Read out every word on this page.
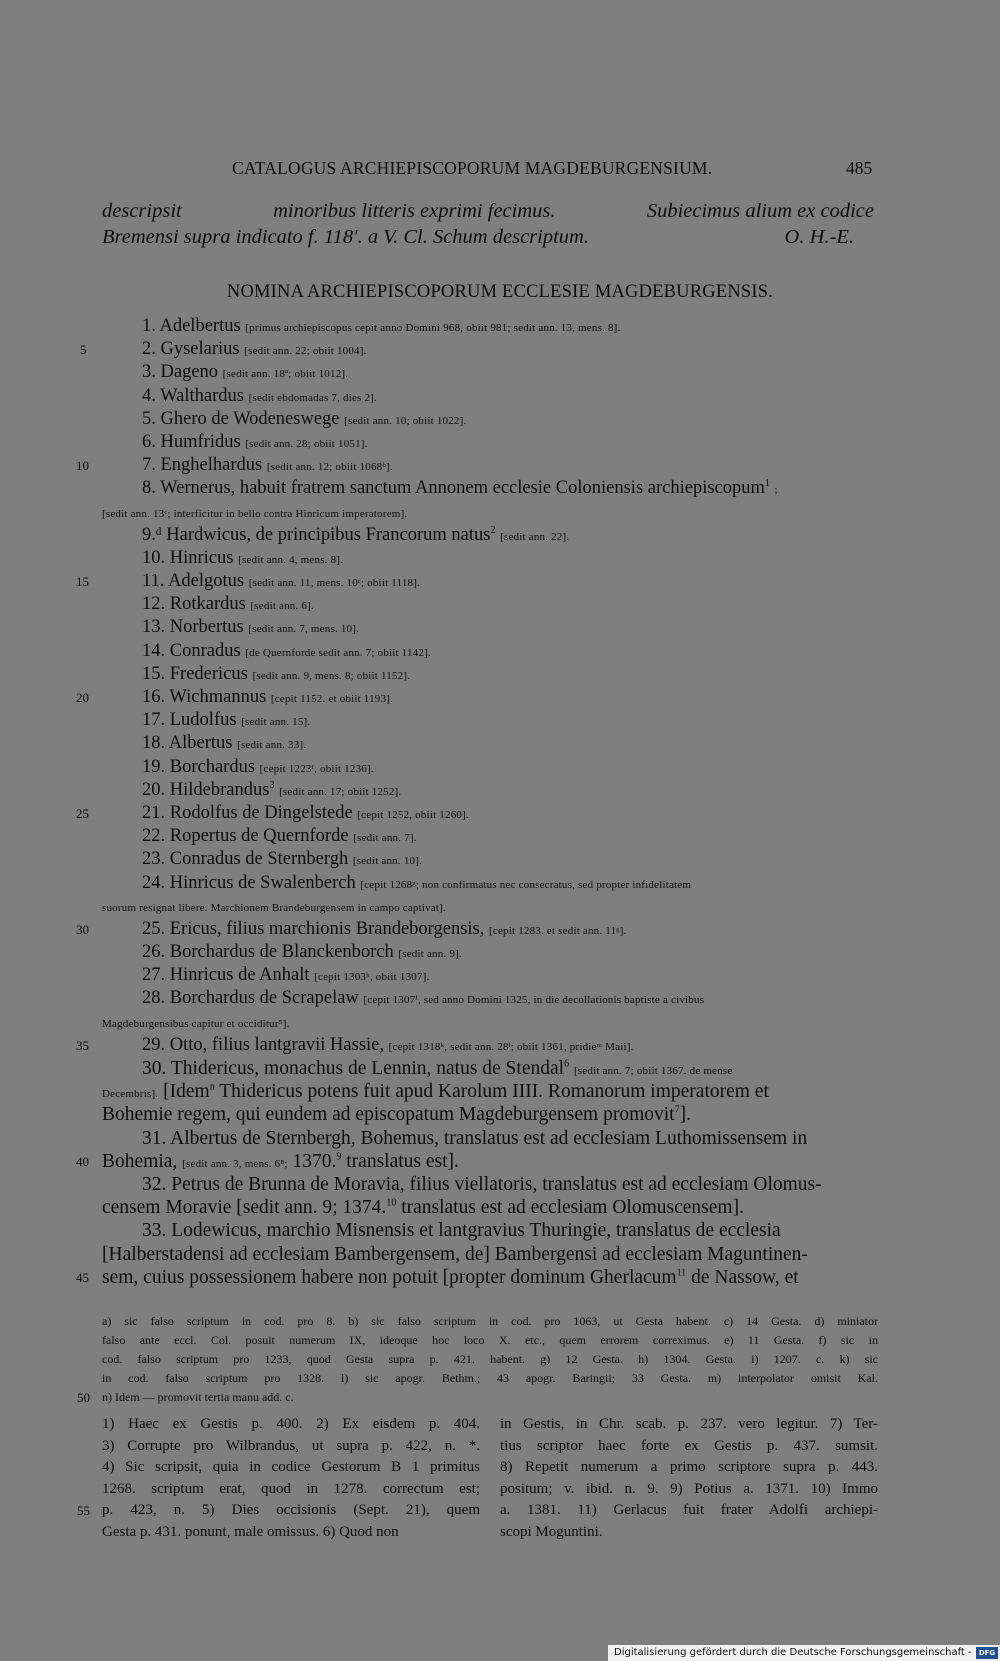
CATALOGUS ARCHIEPISCOPORUM MAGDEBURGENSIUM.	485
descripsit	minoribus litteris exprimi fecimus.	Subiecimus alium ex codice
Bremensi supra indicato f. 118′. a V. Cl. Schum descriptum.	O. H.-E.
NOMINA ARCHIEPISCOPORUM ECCLESIE MAGDEBURGENSIS.
1. Adelbertus [primus archiepiscopus cepit anno Domini 968, obiit 981; sedit ann. 13, mens. 8].
5	2. Gyselarius [sedit ann. 22; obiit 1004].
3. Dageno [sedit ann. 18ª; obiit 1012].
4. Walthardus [sedit ebdomadas 7, dies 2].
5. Ghero de Wodeneswege [sedit ann. 10; obiit 1022].
6. Humfridus [sedit ann. 28; obiit 1051].
10	7. Enghelhardus [sedit ann. 12; obiit 1068ᵇ].
8. Wernerus, habuit fratrem sanctum Annonem ecclesie Coloniensis archiepiscopum$^1$ ;
[sedit ann. 13ᶜ; interficitur in bello contra Hinricum imperatorem].
9.ᵈ Hardwicus, de principibus Francorum natus$^2$ [sedit ann. 22].
10. Hinricus [sedit ann. 4, mens. 8].
15	11. Adelgotus [sedit ann. 11, mens. 10ᵉ; obiit 1118].
12. Rotkardus [sedit ann. 6].
13. Norbertus [sedit ann. 7, mens. 10].
14. Conradus [de Quernforde sedit ann. 7; obiit 1142].
15. Fredericus [sedit ann. 9, mens. 8; obiit 1152].
20	16. Wichmannus [cepit 1152. et obiit 1193].
17. Ludolfus [sedit ann. 15].
18. Albertus [sedit ann. 33].
19. Borchardus [cepit 1223ᶠ, obiit 1236].
20. Hildebrandus$^3$ [sedit ann. 17; obiit 1252].
25	21. Rodolfus de Dingelstede [cepit 1252, obiit 1260].
22. Ropertus de Quernforde [sedit ann. 7].
23. Conradus de Sternbergh [sedit ann. 10].
24. Hinricus de Swalenberch [cepit 1268ᵍ; non confirmatus nec consecratus, sed propter infidelitatem
suorum resignat libere. Marchionem Brandeburgensem in campo captivat].
30	25. Ericus, filius marchionis Brandeborgensis, [cepit 1283. et sedit ann. 11ᵍ].
26. Borchardus de Blanckenborch [sedit ann. 9].
27. Hinricus de Anhalt [cepit 1303ʰ, obiit 1307].
28. Borchardus de Scrapelaw [cepit 1307ⁱ, sed anno Domini 1325, in die decollationis baptiste a civibus
Magdeburgensibus capitur et occiditur⁵].
35	29. Otto, filius lantgravii Hassie, [cepit 1318ᵏ, sedit ann. 28ˡ; obiit 1361, pridieᵐ Maii].
30. Thidericus, monachus de Lennin, natus de Stendal$^6$ [sedit ann. 7; obiit 1367. de mense
Decembris]. [Idem$^n$ Thidericus potens fuit apud Karolum IIII. Romanorum imperatorem et
Bohemie regem, qui eundem ad episcopatum Magdeburgensem promovit$^7$].
31. Albertus de Sternbergh, Bohemus, translatus est ad ecclesiam Luthomissensem in
40 Bohemia, [sedit ann. 3, mens. 6⁸; 1370.$^9$ translatus est].
32. Petrus de Brunna de Moravia, filius viellatoris, translatus est ad ecclesiam Olomus-
censem Moravie [sedit ann. 9; 1374.10 translatus est ad ecclesiam Olomuscensem].
33. Lodewicus, marchio Misnensis et lantgravius Thuringie, translatus de ecclesia
[Halberstadensi ad ecclesiam Bambergensem, de] Bambergensi ad ecclesiam Maguntinen-
45 sem, cuius possessionem habere non potuit [propter dominum Gherlacum$^{11}$ de Nassow, et
a) sic falso scriptum in cod. pro 8. b) sic falso scriptum in cod. pro 1063, ut Gesta habent. c) 14 Gesta. d) miniator
falso ante eccl. Col. posuit numerum IX, ideoque hoc loco X. etc., quem errorem correximus. e) 11 Gesta. f) sic in
cod. falso scriptum pro 1233, quod Gesta supra p. 421. habent. g) 12 Gesta. h) 1304. Gesta. i) 1207. c. k) sic
in cod. falso scriptum pro 1328. l) sic apogr. Bethm.; 43 apogr. Baringii; 33 Gesta. m) interpolator omisit Kal.
50 n) Idem — promovit tertia manu add. c.
1) Haec ex Gestis p. 400. 2) Ex eisdem p. 404.
3) Corrupte pro Wilbrandus, ut supra p. 422, n. *.
4) Sic scripsit, quia in codice Gestorum B 1 primitus
1268. scriptum erat, quod in 1278. correctum est;
55 p. 423, n. 5) Dies occisionis (Sept. 21), quem
Gesta p. 431. ponunt, male omissus. 6) Quod non
in Gestis, in Chr. scab. p. 237. vero legitur. 7) Ter-
tius scriptor haec forte ex Gestis p. 437. sumsit.
8) Repetit numerum a primo scriptore supra p. 443.
positum; v. ibid. n. 9. 9) Potius a. 1371. 10) Immo
a. 1381. 11) Gerlacus fuit frater Adolfi archiepi-
scopi Moguntini.
Digitalisierung gefördert durch die Deutsche Forschungsgemeinschaft -	DFG
